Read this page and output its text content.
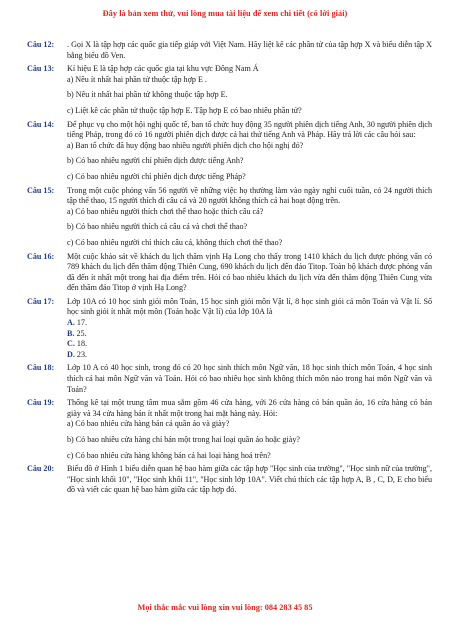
Đây là bản xem thử, vui lòng mua tài liệu để xem chi tiết (có lời giải)
Câu 12:	. Gọi X là tập hợp các quốc gia tiếp giáp với Việt Nam. Hãy liệt kê các phần tử của tập hợp X và biểu diễn tập X bằng biểu đồ Ven.
Câu 13:	Kí hiệu E là tập hợp các quốc gia tại khu vực Đông Nam Á
a) Nêu ít nhất hai phần tử thuộc tập hợp E .
b) Nêu ít nhất hai phần tử không thuộc tập hợp E.
c) Liệt kê các phần tử thuộc tập hợp E. Tập hợp E có bao nhiêu phần tử?
Câu 14:	Để phục vụ cho một hội nghị quốc tế, ban tổ chức huy động 35 người phiên dịch tiếng Anh, 30 người phiên dịch tiếng Pháp, trong đó có 16 người phiên dịch được cả hai thứ tiếng Anh và Pháp. Hãy trả lời các câu hỏi sau:
a) Ban tổ chức đã huy động bao nhiêu người phiên dịch cho hội nghị đó?
b) Có bao nhiêu người chỉ phiên dịch được tiếng Anh?
c) Có bao nhiêu người chỉ phiên dịch được tiếng Pháp?
Câu 15:	Trong một cuộc phỏng vấn 56 người về những việc họ thường làm vào ngày nghỉ cuối tuần, có 24 người thích tập thể thao, 15 người thích đi câu cá và 20 người không thích cả hai hoạt động trên.
a) Có bao nhiêu người thích chơi thể thao hoặc thích câu cá?
b) Có bao nhiêu người thích cả câu cá và chơi thể thao?
c) Có bao nhiêu người chỉ thích câu cá, không thích chơi thể thao?
Câu 16:	Một cuộc khảo sát về khách du lịch thăm vịnh Hạ Long cho thấy trong 1410 khách du lịch được phỏng vấn có 789 khách du lịch đến thăm động Thiên Cung, 690 khách du lịch đến đảo Titop. Toàn bộ khách được phỏng vấn đã đến ít nhất một trong hai địa điểm trên. Hỏi có bao nhiêu khách du lịch vừa đến thăm động Thiên Cung vừa đến thăm đảo Titop ở vịnh Hạ Long?
Câu 17:	Lớp 10A có 10 học sinh giỏi môn Toán, 15 học sinh giỏi môn Vật lí, 8 học sinh giỏi cả môn Toán và Vật lí. Số học sinh giỏi ít nhất một môn (Toán hoặc Vật lí) của lớp 10A là
A. 17.
B. 25.
C. 18.
D. 23.
Câu 18:	Lớp 10 A có 40 học sinh, trong đó có 20 học sinh thích môn Ngữ văn, 18 học sinh thích môn Toán, 4 học sinh thích cả hai môn Ngữ văn và Toán. Hỏi có bao nhiêu học sinh không thích môn nào trong hai môn Ngữ văn và Toán?
Câu 19:	Thống kê tại một trung tâm mua sắm gồm 46 cửa hàng, với 26 cửa hàng có bán quần áo, 16 cửa hàng có bán giày và 34 cửa hàng bán ít nhất một trong hai mặt hàng này. Hỏi:
a) Có bao nhiêu cửa hàng bán cả quần áo và giày?
b) Có bao nhiêu cửa hàng chỉ bán một trong hai loại quần áo hoặc giày?
c) Có bao nhiêu cửa hàng không bán cả hai loại hàng hoá trên?
Câu 20:	Biểu đồ ở Hình 1 biểu diễn quan hệ bao hàm giữa các tập hợp "Học sinh của trường", "Học sinh nữ của trường", "Học sinh khối 10", "Học sinh khối 11", "Học sinh lớp 10A". Viết chú thích các tập hợp A, B , C, D, E cho biểu đồ và viết các quan hệ bao hàm giữa các tập hợp đó.
Mọi thắc mắc vui lòng xin vui lòng: 084 283 45 85
